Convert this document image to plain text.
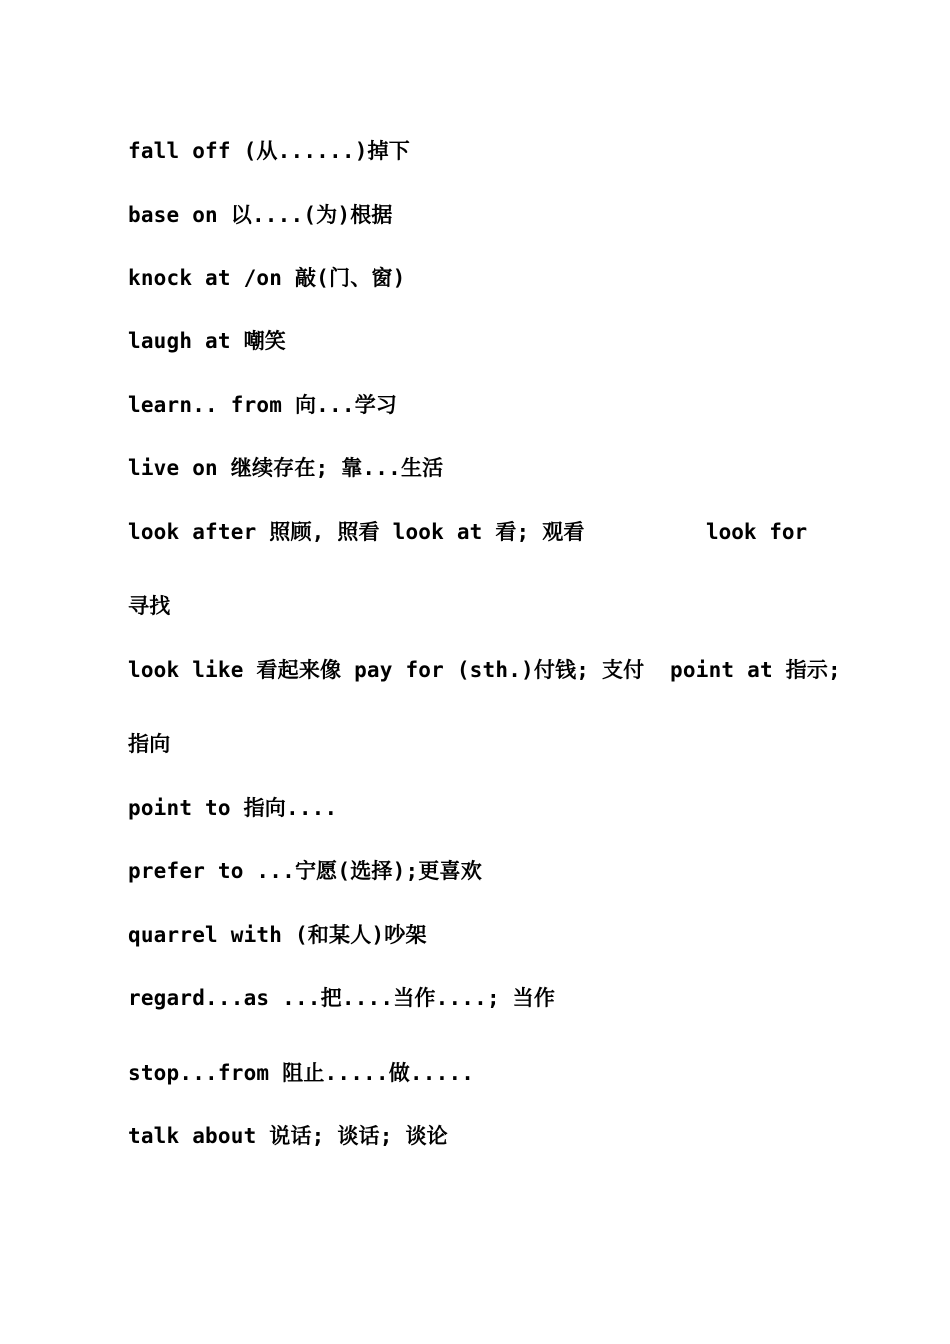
fall off (从......)掉下
base on 以....(为)根据
knock at /on 敲(门、窗)
laugh at 嘲笑
learn.. from 向...学习
live on 继续存在; 靠...生活
look after 照顾, 照看 look at 看; 观看	look for
寻找
look like 看起来像 pay for (sth.)付钱; 支付  point at 指示;
指向
point to 指向....
prefer to ...宁愿(选择);更喜欢
quarrel with (和某人)吵架
regard...as ...把....当作....; 当作
stop...from 阻止.....做.....
talk about 说话; 谈话; 谈论
